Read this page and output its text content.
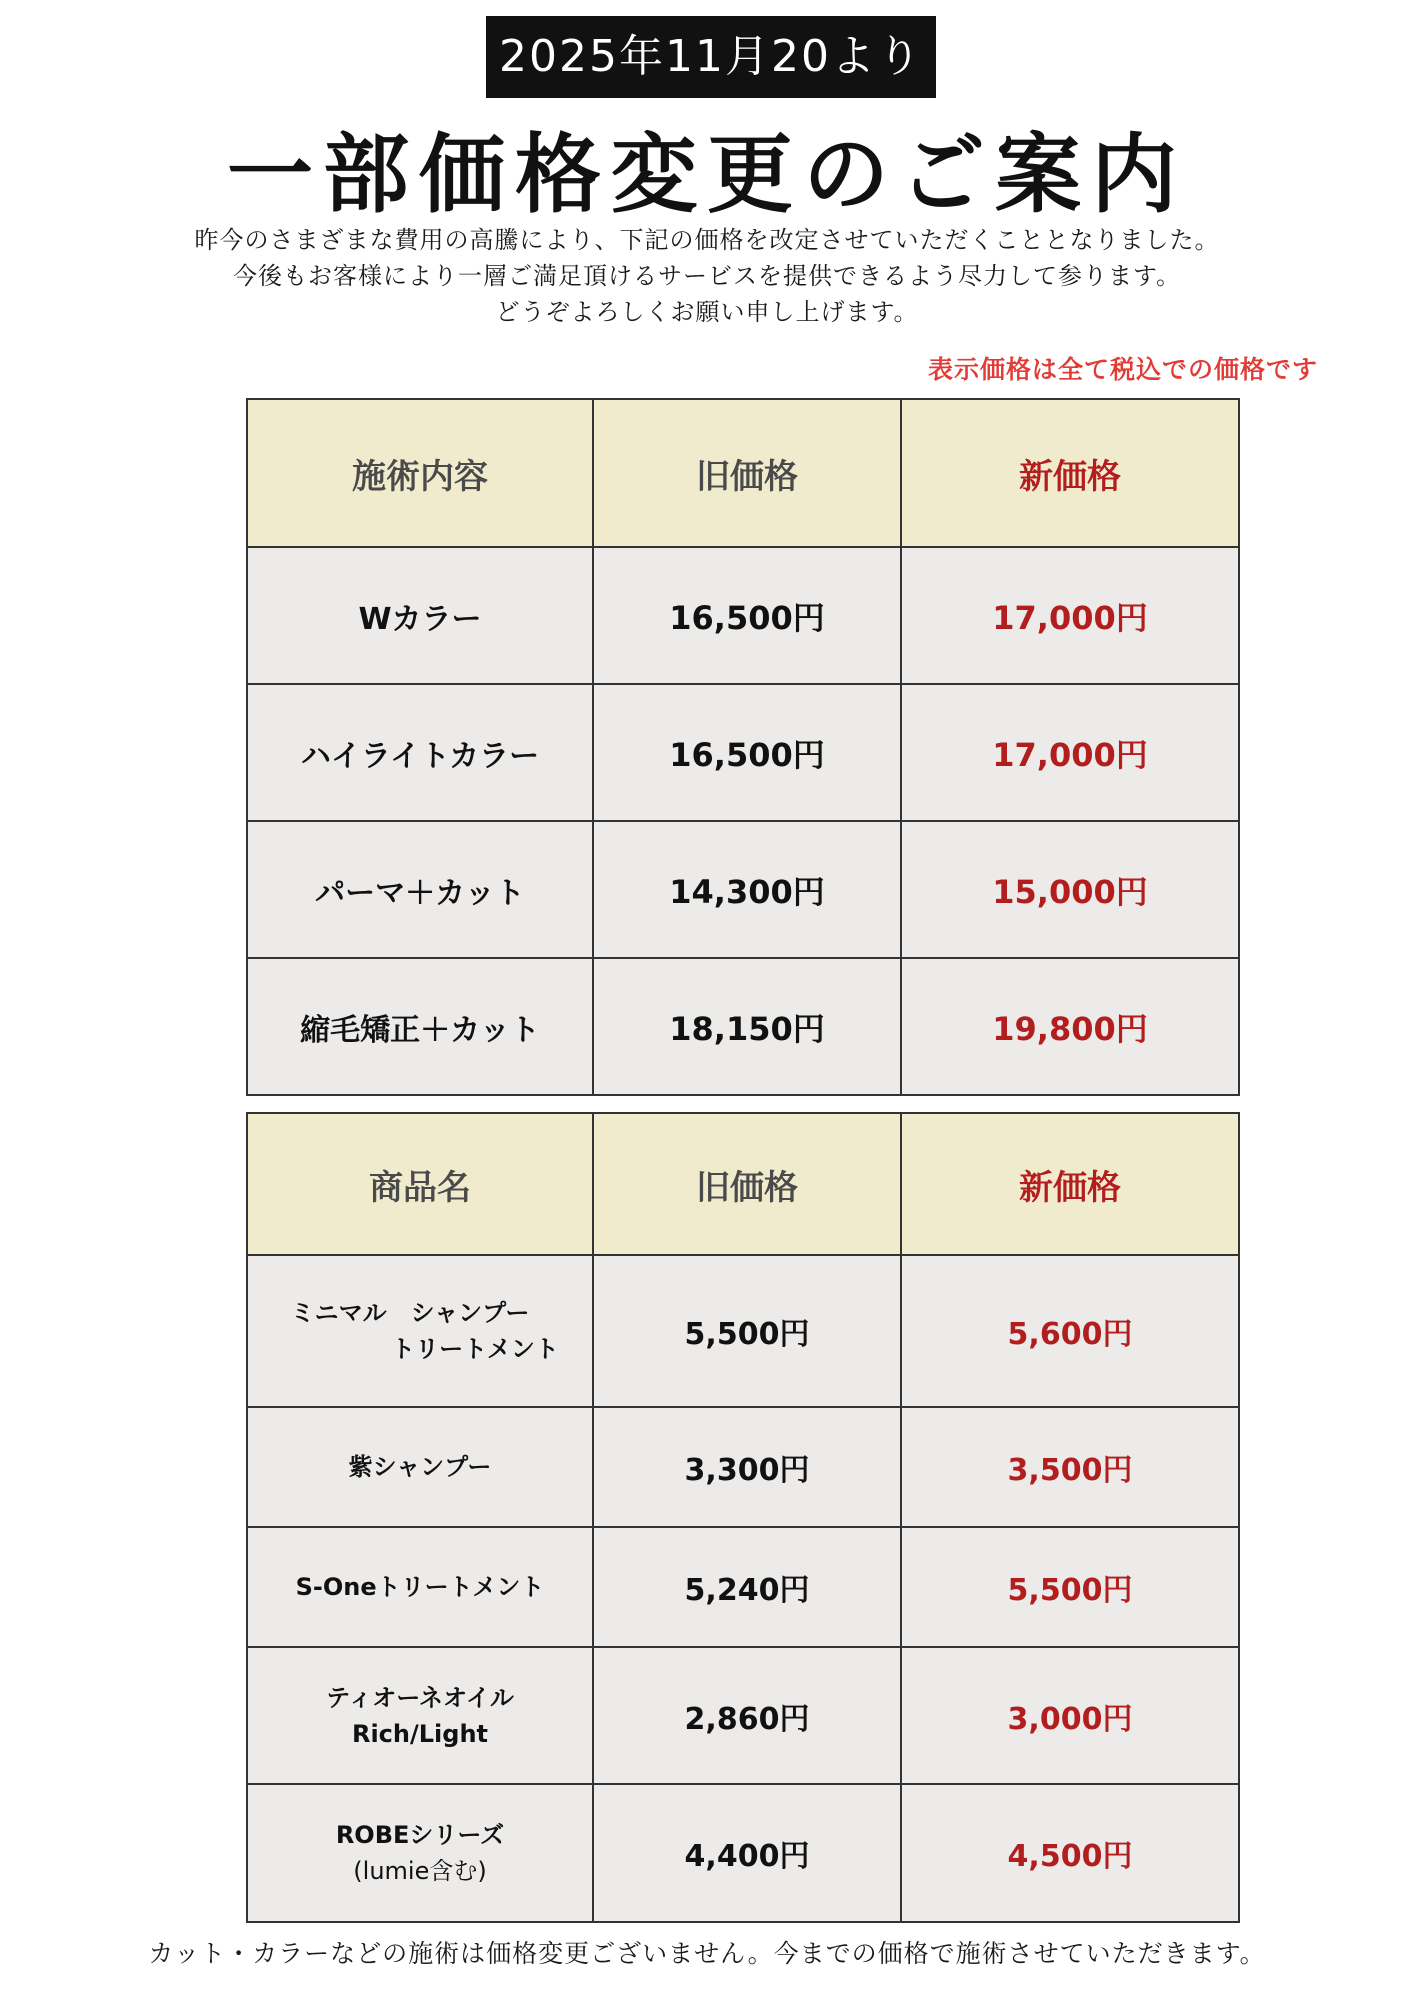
2025年11月20より
一部価格変更のご案内
昨今のさまざまな費用の高騰により、下記の価格を改定させていただくこととなりました。
今後もお客様により一層ご満足頂けるサービスを提供できるよう尽力して参ります。
どうぞよろしくお願い申し上げます。
表示価格は全て税込での価格です
施術内容	旧価格	新価格
Wカラー	16,500円	17,000円
ハイライトカラー	16,500円	17,000円
パーマ＋カット	14,300円	15,000円
縮毛矯正＋カット	18,150円	19,800円
商品名	旧価格	新価格

ミニマル　シャンプー
トリートメント	5,500円	5,600円

紫シャンプー	3,300円	3,500円

S-Oneトリートメント	5,240円	5,500円

ティオーネオイル
Rich/Light	2,860円	3,000円

ROBEシリーズ
(lumie含む)	4,400円	4,500円
カット・カラーなどの施術は価格変更ございません。今までの価格で施術させていただきます。
